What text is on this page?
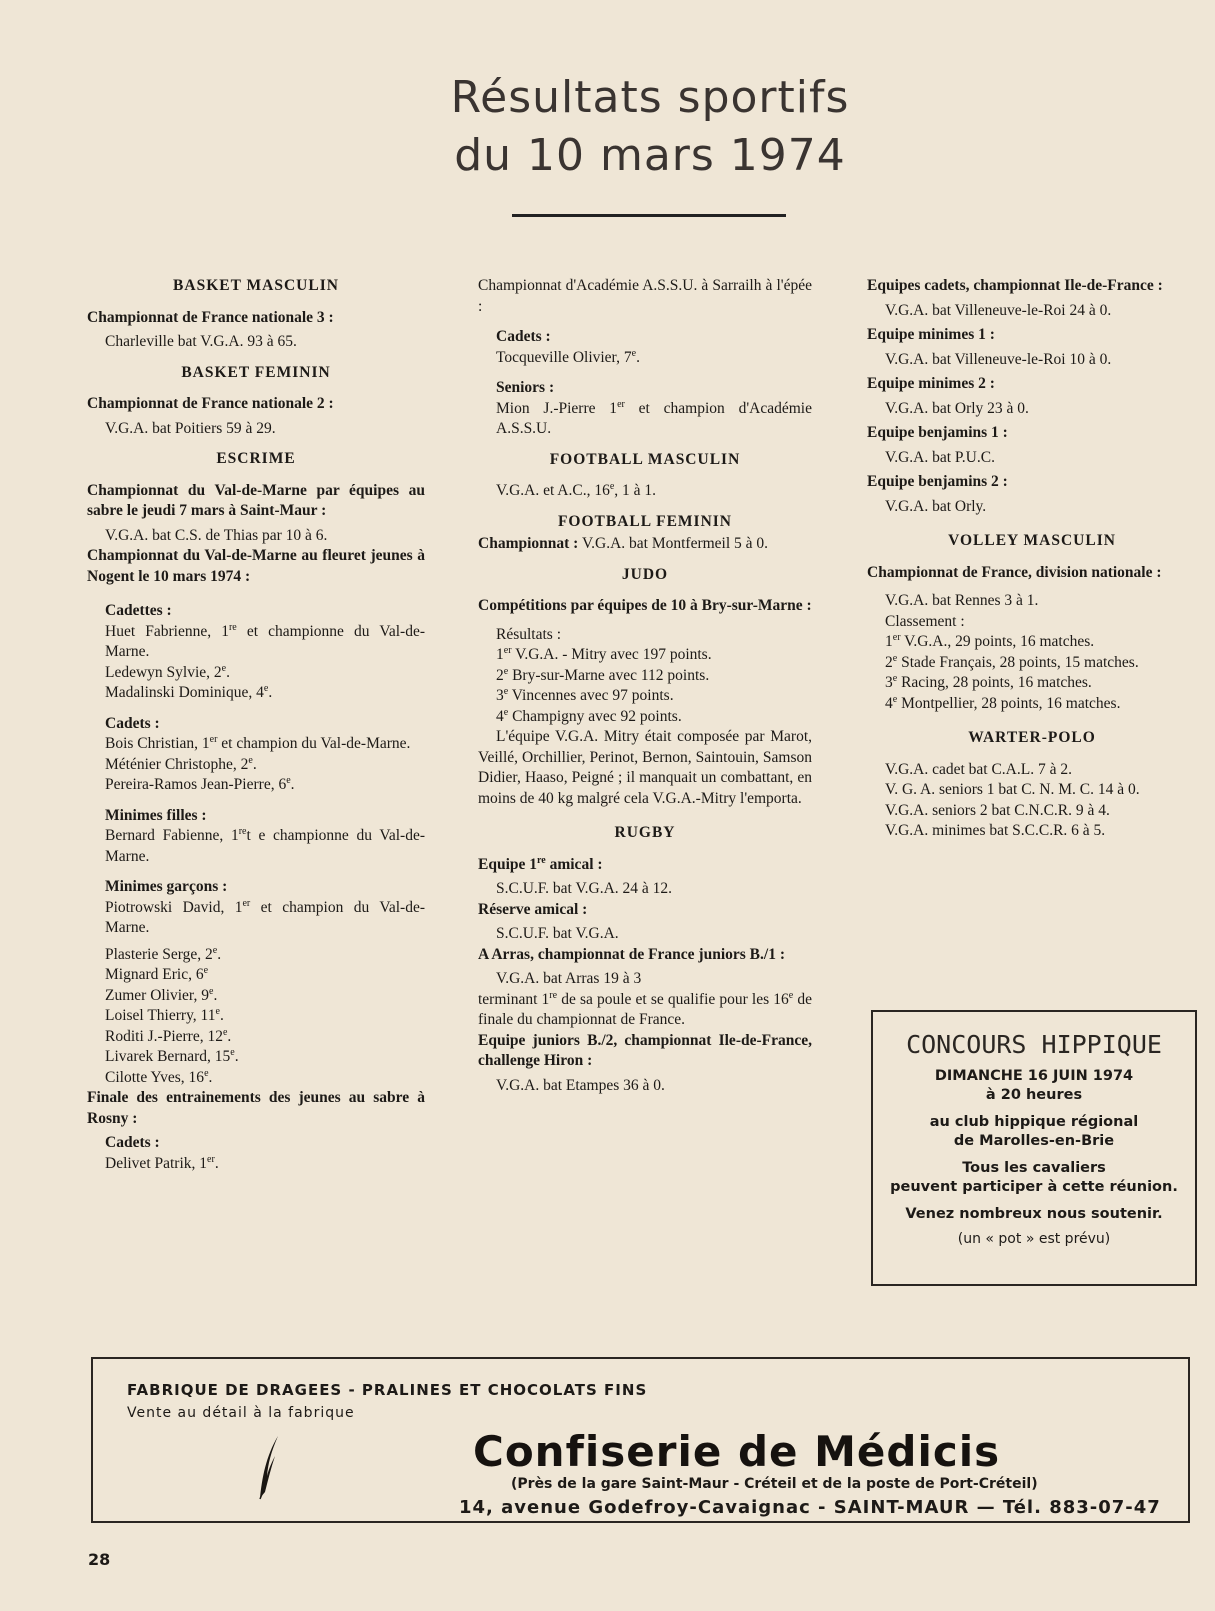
Résultats sportifs
du 10 mars 1974
BASKET MASCULIN
Championnat de France nationale 3 :
Charleville bat V.G.A. 93 à 65.
BASKET FEMININ
Championnat de France nationale 2 :
V.G.A. bat Poitiers 59 à 29.
ESCRIME
Championnat du Val-de-Marne par équipes au sabre le jeudi 7 mars à Saint-Maur :
V.G.A. bat C.S. de Thias par 10 à 6.
Championnat du Val-de-Marne au fleuret jeunes à Nogent le 10 mars 1974 :
Cadettes :
Huet Fabrienne, 1re et championne du Val-de-Marne.
Ledewyn Sylvie, 2e.
Madalinski Dominique, 4e.
Cadets :
Bois Christian, 1er et champion du Val-de-Marne.
Méténier Christophe, 2e.
Pereira-Ramos Jean-Pierre, 6e.
Minimes filles :
Bernard Fabienne, 1ret e championne du Val-de-Marne.
Minimes garçons :
Piotrowski David, 1er et champion du Val-de-Marne.
Plasterie Serge, 2e.
Mignard Eric, 6e
Zumer Olivier, 9e.
Loisel Thierry, 11e.
Roditi J.-Pierre, 12e.
Livarek Bernard, 15e.
Cilotte Yves, 16e.
Finale des entrainements des jeunes au sabre à Rosny :
Cadets :
Delivet Patrik, 1er.
Championnat d'Académie A.S.S.U. à Sarrailh à l'épée :
Cadets :
Tocqueville Olivier, 7e.
Seniors :
Mion J.-Pierre 1er et champion d'Académie A.S.S.U.
FOOTBALL MASCULIN
V.G.A. et A.C., 16e, 1 à 1.
FOOTBALL FEMININ
Championnat : V.G.A. bat Montfermeil 5 à 0.
JUDO
Compétitions par équipes de 10 à Bry-sur-Marne :
Résultats :
1er V.G.A. - Mitry avec 197 points.
2e Bry-sur-Marne avec 112 points.
3e Vincennes avec 97 points.
4e Champigny avec 92 points.
L'équipe V.G.A. Mitry était composée par Marot, Veillé, Orchillier, Perinot, Bernon, Saintouin, Samson Didier, Haaso, Peigné ; il manquait un combattant, en moins de 40 kg malgré cela V.G.A.-Mitry l'emporta.
RUGBY
Equipe 1re amical :
S.C.U.F. bat V.G.A. 24 à 12.
Réserve amical :
S.C.U.F. bat V.G.A.
A Arras, championnat de France juniors B./1 :
V.G.A. bat Arras 19 à 3
terminant 1re de sa poule et se qualifie pour les 16e de finale du championnat de France.
Equipe juniors B./2, championnat Ile-de-France, challenge Hiron :
V.G.A. bat Etampes 36 à 0.
Equipes cadets, championnat Ile-de-France :
V.G.A. bat Villeneuve-le-Roi 24 à 0.
Equipe minimes 1 :
V.G.A. bat Villeneuve-le-Roi 10 à 0.
Equipe minimes 2 :
V.G.A. bat Orly 23 à 0.
Equipe benjamins 1 :
V.G.A. bat P.U.C.
Equipe benjamins 2 :
V.G.A. bat Orly.
VOLLEY MASCULIN
Championnat de France, division nationale :
V.G.A. bat Rennes 3 à 1.
Classement :
1er V.G.A., 29 points, 16 matches.
2e Stade Français, 28 points, 15 matches.
3e Racing, 28 points, 16 matches.
4e Montpellier, 28 points, 16 matches.
WARTER-POLO
V.G.A. cadet bat C.A.L. 7 à 2.
V. G. A. seniors 1 bat C. N. M. C. 14 à 0.
V.G.A. seniors 2 bat C.N.C.R. 9 à 4.
V.G.A. minimes bat S.C.C.R. 6 à 5.
CONCOURS HIPPIQUE
DIMANCHE 16 JUIN 1974
à 20 heures
au club hippique régional
de Marolles-en-Brie
Tous les cavaliers
peuvent participer à cette réunion.
Venez nombreux nous soutenir.
(un « pot » est prévu)
FABRIQUE DE DRAGEES - PRALINES ET CHOCOLATS FINS
Vente au détail à la fabrique
Confiserie de Médicis
(Près de la gare Saint-Maur - Créteil et de la poste de Port-Créteil)
14, avenue Godefroy-Cavaignac - SAINT-MAUR — Tél. 883-07-47
28
